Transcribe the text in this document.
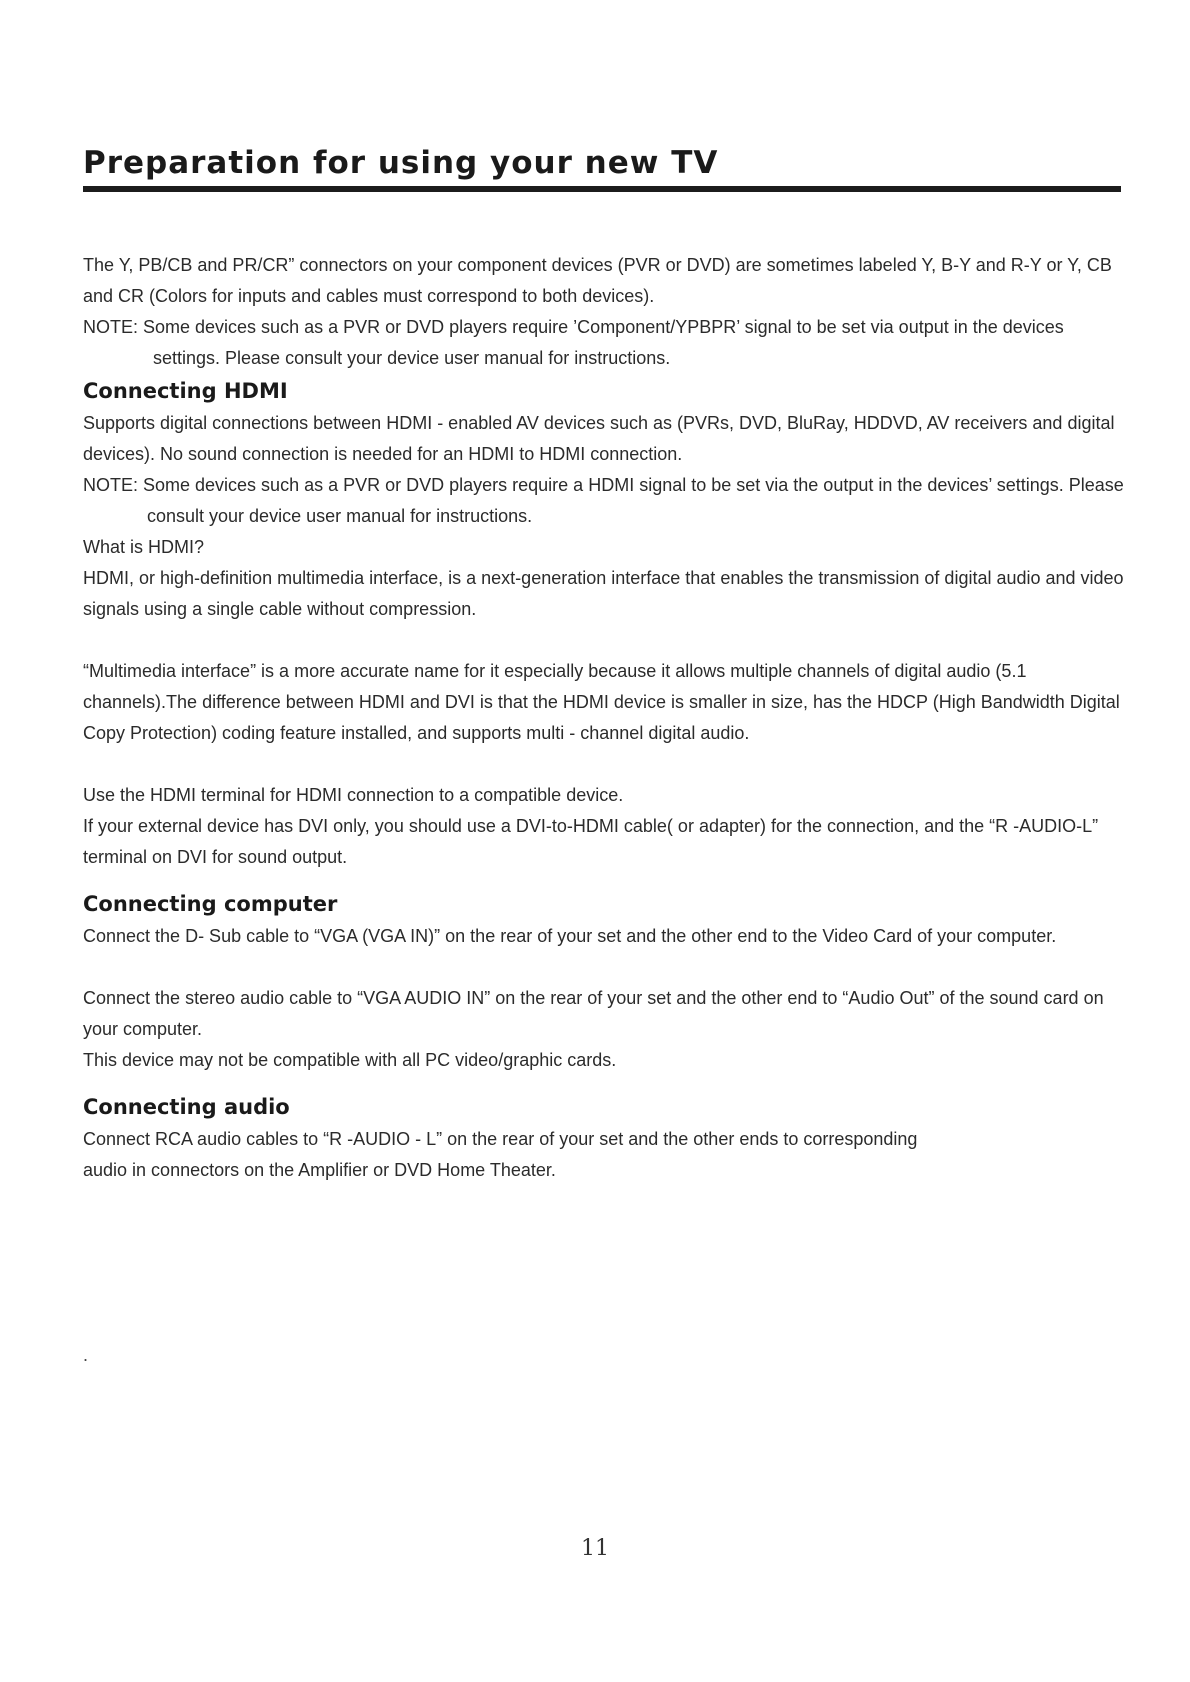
Preparation for using your new TV

The Y, PB/CB and PR/CR” connectors on your component devices (PVR or DVD) are sometimes labeled Y, B-Y and R-Y or Y, CB and CR (Colors for inputs and cables must correspond to both devices).

NOTE: Some devices such as a PVR or DVD players require ’Component/YPBPR’ signal to be set via output in the devices settings. Please consult your device user manual for instructions.

Connecting HDMI

Supports digital connections between HDMI - enabled AV devices such as (PVRs, DVD, BluRay, HDDVD, AV receivers and digital devices). No sound connection is needed for an HDMI to HDMI connection.

NOTE: Some devices such as a PVR or DVD players require a HDMI signal to be set via the output in the devices’ settings. Please consult your device user manual for instructions.

What is HDMI?

HDMI, or high-definition multimedia interface, is a next-generation interface that enables the transmission of digital audio and video signals using a single cable without compression.

“Multimedia interface” is a more accurate name for it especially because it allows multiple channels of digital audio (5.1 channels).The difference between HDMI and DVI is that the HDMI device is smaller in size, has the HDCP (High Bandwidth Digital Copy Protection) coding feature installed, and supports multi - channel digital audio.

Use the HDMI terminal for HDMI connection to a compatible device.

If your external device has DVI only, you should use a DVI-to-HDMI cable( or adapter) for the connection, and the “R -AUDIO-L” terminal on DVI for sound output.

Connecting computer

Connect the D- Sub cable to “VGA (VGA IN)” on the rear of your set and the other end to the Video Card of your computer.

Connect the stereo audio cable to “VGA AUDIO IN” on the rear of your set and the other end to “Audio Out” of the sound card on your computer.

This device may not be compatible with all PC video/graphic cards.

Connecting audio

Connect RCA audio cables to “R -AUDIO - L” on the rear of your set and the other ends to corresponding

audio in connectors on the Amplifier or DVD Home Theater.

.
11
